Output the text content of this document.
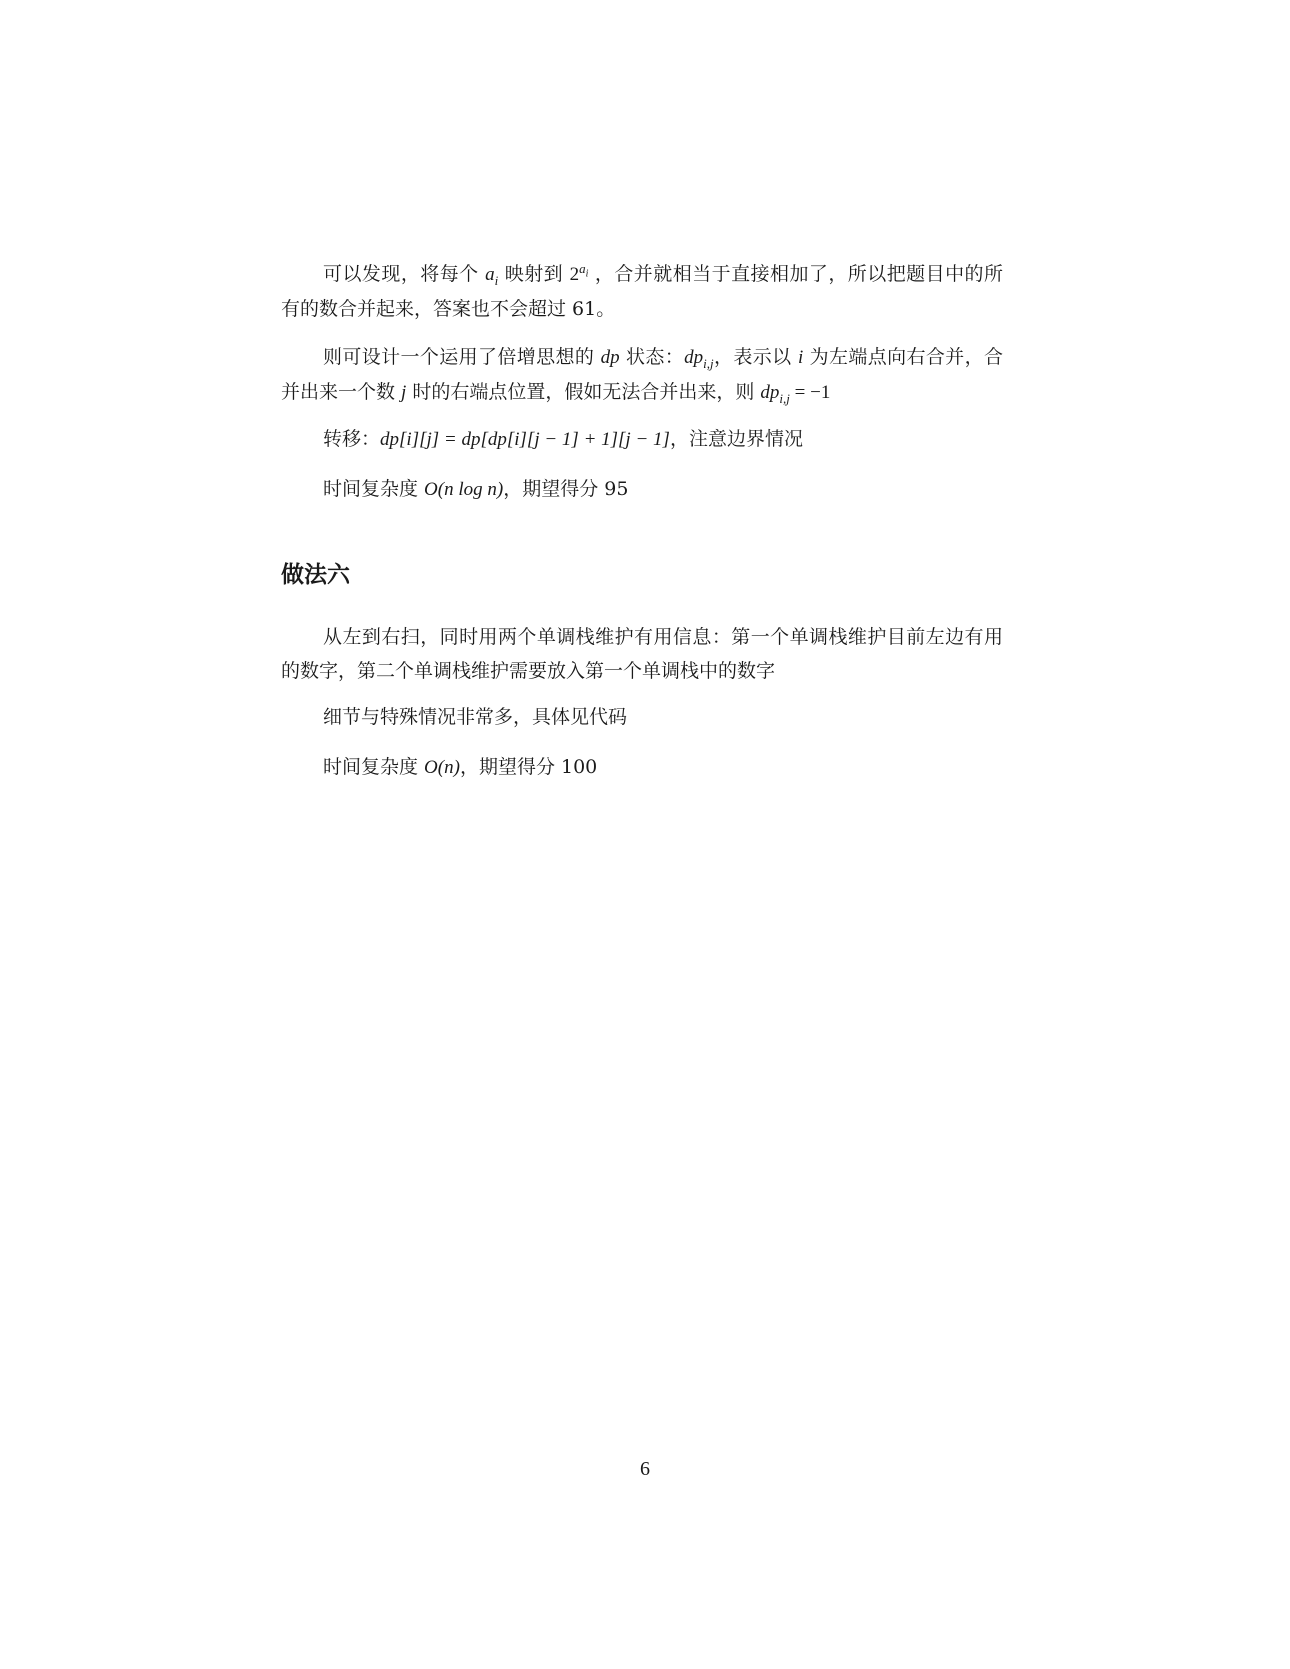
可以发现，将每个 $a_i$ 映射到 $2^{a_i}$ ，合并就相当于直接相加了，所以把题目中的所有的数合并起来，答案也不会超过 61。

则可设计一个运用了倍增思想的 dp 状态：$dp_{i,j}$，表示以 i 为左端点向右合并，合并出来一个数 j 时的右端点位置，假如无法合并出来，则 $dp_{i,j} = -1$

转移：dp[i][j] = dp[dp[i][j − 1] + 1][j − 1]，注意边界情况

时间复杂度 O(n log n)，期望得分 95

做法六

从左到右扫，同时用两个单调栈维护有用信息：第一个单调栈维护目前左边有用的数字，第二个单调栈维护需要放入第一个单调栈中的数字

细节与特殊情况非常多，具体见代码

时间复杂度 O(n)，期望得分 100

6
